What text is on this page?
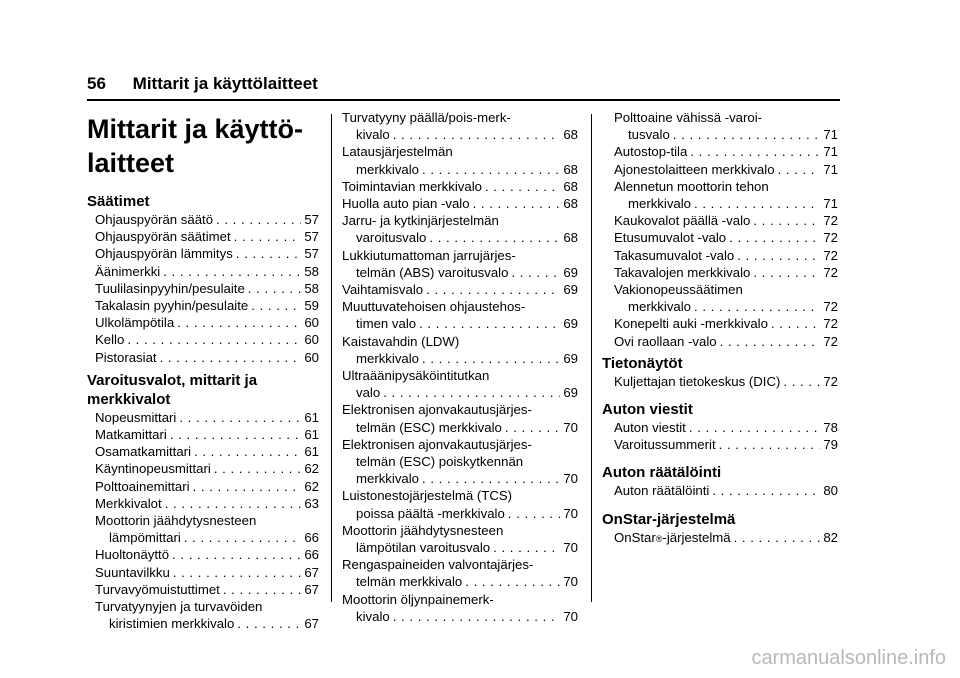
56 Mittarit ja käyttölaitteet
Mittarit ja käyttö-
laitteet
Säätimet
Ohjauspyörän säätö . . .	57
Ohjauspyörän säätimet . . .	57
Ohjauspyörän lämmitys . . .	57
Äänimerkki . . .	58
Tuulilasinpyyhin/pesulaite . . .	58
Takalasin pyyhin/pesulaite . . .	59
Ulkolämpötila . . .	60
Kello . . .	60
Pistorasiat . . .	60
Varoitusvalot, mittarit ja
merkkivalot
Nopeusmittari . . .	61
Matkamittari . . .	61
Osamatkamittari . . .	61
Käyntinopeusmittari . . .	62
Polttoainemittari . . .	62
Merkkivalot . . .	63
Moottorin jäähdytysnesteen
lämpömittari . . .	66
Huoltonäyttö . . .	66
Suuntavilkku . . .	67
Turvavyömuistuttimet . . .	67
Turvatyynyjen ja turvavöiden
kiristimien merkkivalo . . .	67
Turvatyyny päällä/pois-merk-
kivalo . . .	68
Latausjärjestelmän
merkkivalo . . .	68
Toimintavian merkkivalo . . .	68
Huolla auto pian -valo . . .	68
Jarru- ja kytkinjärjestelmän
varoitusvalo . . .	68
Lukkiutumattoman jarrujärjes-
telmän (ABS) varoitusvalo . . .	69
Vaihtamisvalo . . .	69
Muuttuvatehoisen ohjaustehos-
timen valo . . .	69
Kaistavahdin (LDW)
merkkivalo . . .	69
Ultraäänipysäköintitutkan
valo . . .	69
Elektronisen ajonvakautusjärjes-
telmän (ESC) merkkivalo . . .	70
Elektronisen ajonvakautusjärjes-
telmän (ESC) poiskytkennän
merkkivalo . . .	70
Luistonestojärjestelmä (TCS)
poissa päältä -merkkivalo . . .	70
Moottorin jäähdytysnesteen
lämpötilan varoitusvalo . . .	70
Rengaspaineiden valvontajärjes-
telmän merkkivalo . . .	70
Moottorin öljynpainemerk-
kivalo . . .	70
Polttoaine vähissä -varoi-
tusvalo . . .	71
Autostop-tila . . .	71
Ajonestolaitteen merkkivalo . . .	71
Alennetun moottorin tehon
merkkivalo . . .	71
Kaukovalot päällä -valo . . .	72
Etusumuvalot -valo . . .	72
Takasumuvalot -valo . . .	72
Takavalojen merkkivalo . . .	72
Vakionopeussäätimen
merkkivalo . . .	72
Konepelti auki -merkkivalo . . .	72
Ovi raollaan -valo . . .	72
Tietonäytöt
Kuljettajan tietokeskus (DIC) . . .	72
Auton viestit
Auton viestit . . .	78
Varoitussummerit . . .	79
Auton räätälöinti
Auton räätälöinti . . .	80
OnStar-järjestelmä
OnStar ® -järjestelmä . . .	82
carmanualsonline.info
